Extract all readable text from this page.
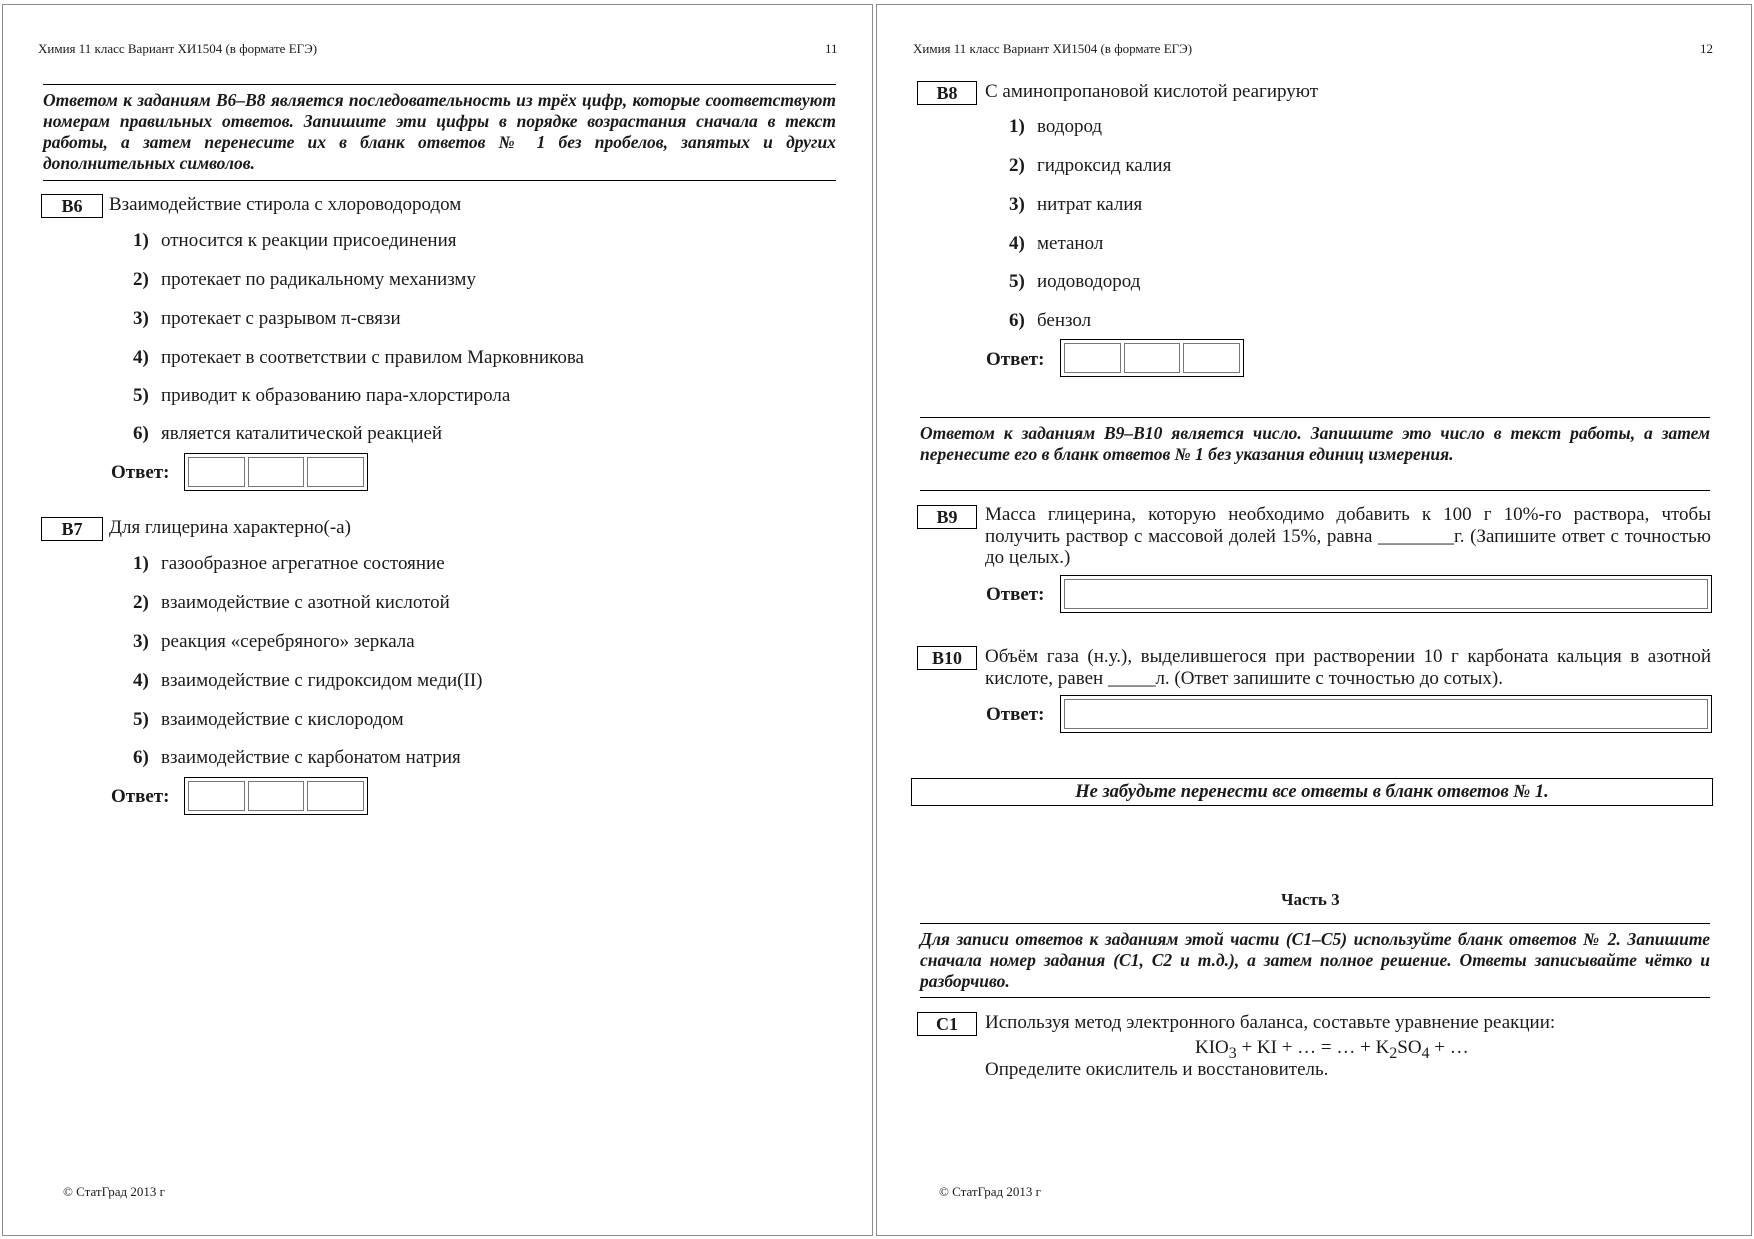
Химия 11 класс Вариант ХИ1504 (в формате ЕГЭ)	11
Ответом к заданиям В6–В8 является последовательность из трёх цифр, которые соответствуют номерам правильных ответов. Запишите эти цифры в порядке возрастания сначала в текст работы, а затем перенесите их в бланк ответов № 1 без пробелов, запятых и других дополнительных символов.
В6	Взаимодействие стирола с хлороводородом
1) относится к реакции присоединения
2) протекает по радикальному механизму
3) протекает с разрывом π-связи
4) протекает в соответствии с правилом Марковникова
5) приводит к образованию пара-хлорстирола
6) является каталитической реакцией
Ответ:
В7	Для глицерина характерно(-а)
1) газообразное агрегатное состояние
2) взаимодействие с азотной кислотой
3) реакция «серебряного» зеркала
4) взаимодействие с гидроксидом меди(II)
5) взаимодействие с кислородом
6) взаимодействие с карбонатом натрия
Ответ:
© СтатГрад 2013 г
Химия 11 класс Вариант ХИ1504 (в формате ЕГЭ)	12
В8	С аминопропановой кислотой реагируют
1) водород
2) гидроксид калия
3) нитрат калия
4) метанол
5) иодоводород
6) бензол
Ответ:
Ответом к заданиям В9–В10 является число. Запишите это число в текст работы, а затем перенесите его в бланк ответов № 1 без указания единиц измерения.
В9	Масса глицерина, которую необходимо добавить к 100 г 10%-го раствора, чтобы получить раствор с массовой долей 15%, равна ________г. (Запишите ответ с точностью до целых.)
Ответ:
В10	Объём газа (н.у.), выделившегося при растворении 10 г карбоната кальция в азотной кислоте, равен _____л. (Ответ запишите с точностью до сотых).
Ответ:
Не забудьте перенести все ответы в бланк ответов № 1.
Часть 3
Для записи ответов к заданиям этой части (С1–С5) используйте бланк ответов № 2. Запишите сначала номер задания (С1, С2 и т.д.), а затем полное решение. Ответы записывайте чётко и разборчиво.
С1	Используя метод электронного баланса, составьте уравнение реакции:
$KIO_3$ + KI + … = … + $K_2SO_4$ + …
Определите окислитель и восстановитель.
© СтатГрад 2013 г
